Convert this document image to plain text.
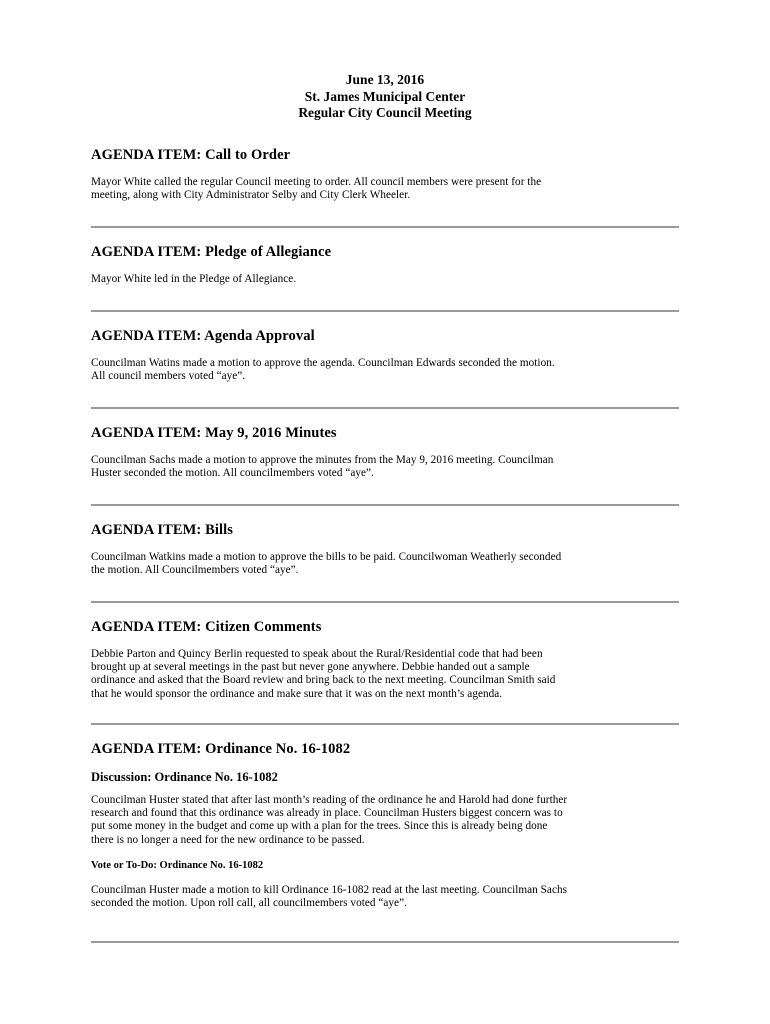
June 13, 2016
St. James Municipal Center
Regular City Council Meeting

AGENDA ITEM: Call to Order

Mayor White called the regular Council meeting to order. All council members were present for the
meeting, along with City Administrator Selby and City Clerk Wheeler.

AGENDA ITEM: Pledge of Allegiance

Mayor White led in the Pledge of Allegiance.

AGENDA ITEM: Agenda Approval

Councilman Watins made a motion to approve the agenda. Councilman Edwards seconded the motion.
All council members voted “aye”.

AGENDA ITEM: May 9, 2016 Minutes

Councilman Sachs made a motion to approve the minutes from the May 9, 2016 meeting. Councilman
Huster seconded the motion. All councilmembers voted “aye”.

AGENDA ITEM: Bills

Councilman Watkins made a motion to approve the bills to be paid. Councilwoman Weatherly seconded
the motion. All Councilmembers voted “aye”.

AGENDA ITEM: Citizen Comments

Debbie Parton and Quincy Berlin requested to speak about the Rural/Residential code that had been
brought up at several meetings in the past but never gone anywhere. Debbie handed out a sample
ordinance and asked that the Board review and bring back to the next meeting. Councilman Smith said
that he would sponsor the ordinance and make sure that it was on the next month’s agenda.

AGENDA ITEM: Ordinance No. 16-1082

Discussion: Ordinance No. 16-1082

Councilman Huster stated that after last month’s reading of the ordinance he and Harold had done further
research and found that this ordinance was already in place. Councilman Husters biggest concern was to
put some money in the budget and come up with a plan for the trees. Since this is already being done
there is no longer a need for the new ordinance to be passed.

Vote or To-Do: Ordinance No. 16-1082

Councilman Huster made a motion to kill Ordinance 16-1082 read at the last meeting. Councilman Sachs
seconded the motion. Upon roll call, all councilmembers voted “aye”.
